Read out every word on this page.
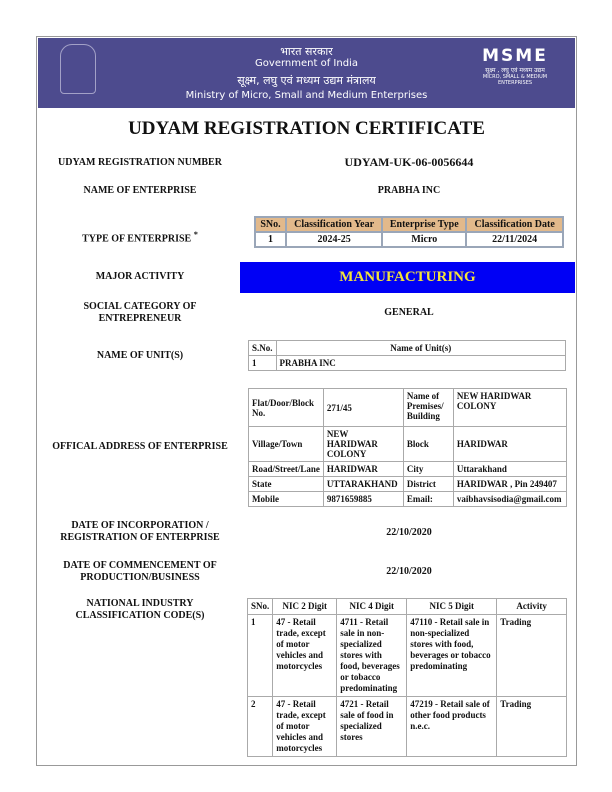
भारत सरकार
Government of India
सूक्ष्म, लघु एवं मध्यम उद्यम मंत्रालय
Ministry of Micro, Small and Medium Enterprises
MSME
सूक्ष्म , लघु एवं मध्यम उद्यम
MICRO, SMALL & MEDIUM ENTERPRISES
UDYAM REGISTRATION CERTIFICATE
UDYAM REGISTRATION NUMBER	UDYAM-UK-06-0056644
NAME OF ENTERPRISE	PRABHA INC
TYPE OF ENTERPRISE *
SNo.	Classification Year	Enterprise Type	Classification Date
1	2024-25	Micro	22/11/2024
MAJOR ACTIVITY	MANUFACTURING
SOCIAL CATEGORY OF ENTREPRENEUR
GENERAL
NAME OF UNIT(S)
S.No.	Name of Unit(s)
1	PRABHA INC
OFFICAL ADDRESS OF ENTERPRISE
Flat/Door/Block No.	271/45	Name of Premises/ Building	NEW HARIDWAR COLONY
Village/Town	NEW HARIDWAR COLONY	Block	HARIDWAR
Road/Street/Lane	HARIDWAR	City	Uttarakhand
State	UTTARAKHAND	District	HARIDWAR , Pin 249407
Mobile	9871659885	Email:	vaibhavsisodia@gmail.com
DATE OF INCORPORATION / REGISTRATION OF ENTERPRISE	22/10/2020
DATE OF COMMENCEMENT OF PRODUCTION/BUSINESS
22/10/2020
NATIONAL INDUSTRY CLASSIFICATION CODE(S)
SNo.	NIC 2 Digit	NIC 4 Digit	NIC 5 Digit	Activity
1	47 - Retail trade, except of motor vehicles and motorcycles	4711 - Retail sale in non-specialized stores with food, beverages or tobacco predominating	47110 - Retail sale in non-specialized stores with food, beverages or tobacco predominating	Trading
2	47 - Retail trade, except of motor vehicles and motorcycles	4721 - Retail sale of food in specialized stores	47219 - Retail sale of other food products n.e.c.	Trading
